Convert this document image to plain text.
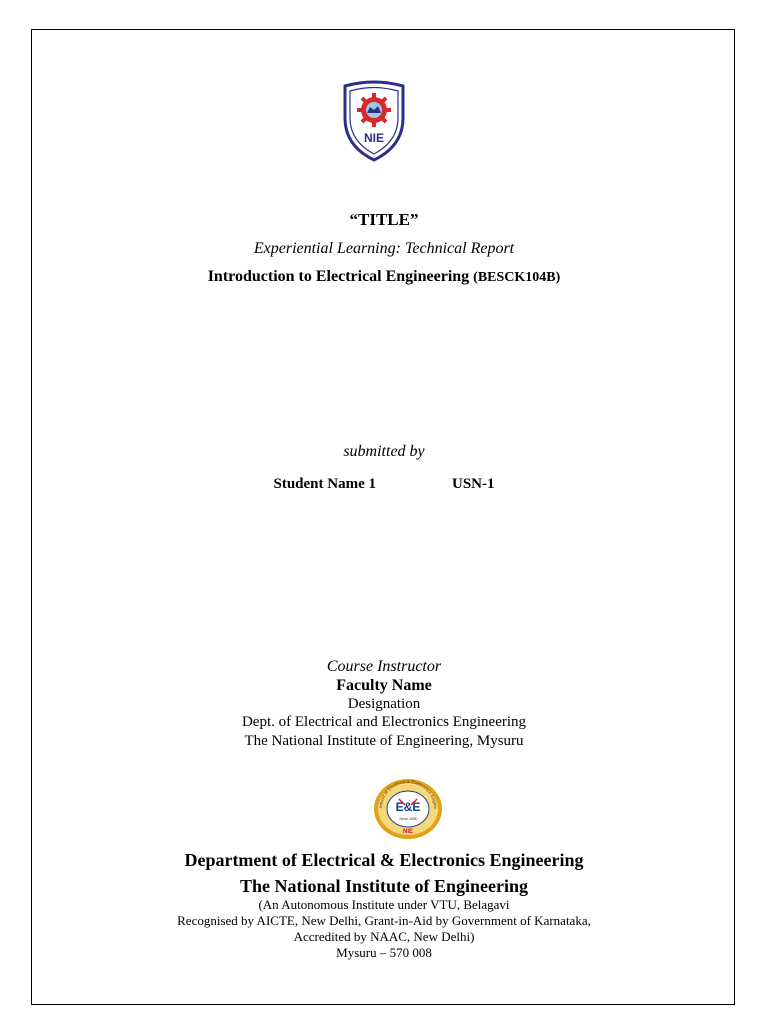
NIE
“TITLE”
Experiential Learning: Technical Report
Introduction to Electrical Engineering (BESCK104B)
submitted by
Student Name 1	USN-1
Course Instructor
Faculty Name
Designation
Dept. of Electrical and Electronics Engineering
The National Institute of Engineering, Mysuru
rtment of Electrical & Electronics Engine
E&E
Since 1958
NIE
Department of Electrical & Electronics Engineering
The National Institute of Engineering
(An Autonomous Institute under VTU, Belagavi
Recognised by AICTE, New Delhi, Grant-in-Aid by Government of Karnataka,
Accredited by NAAC, New Delhi)
Mysuru – 570 008
